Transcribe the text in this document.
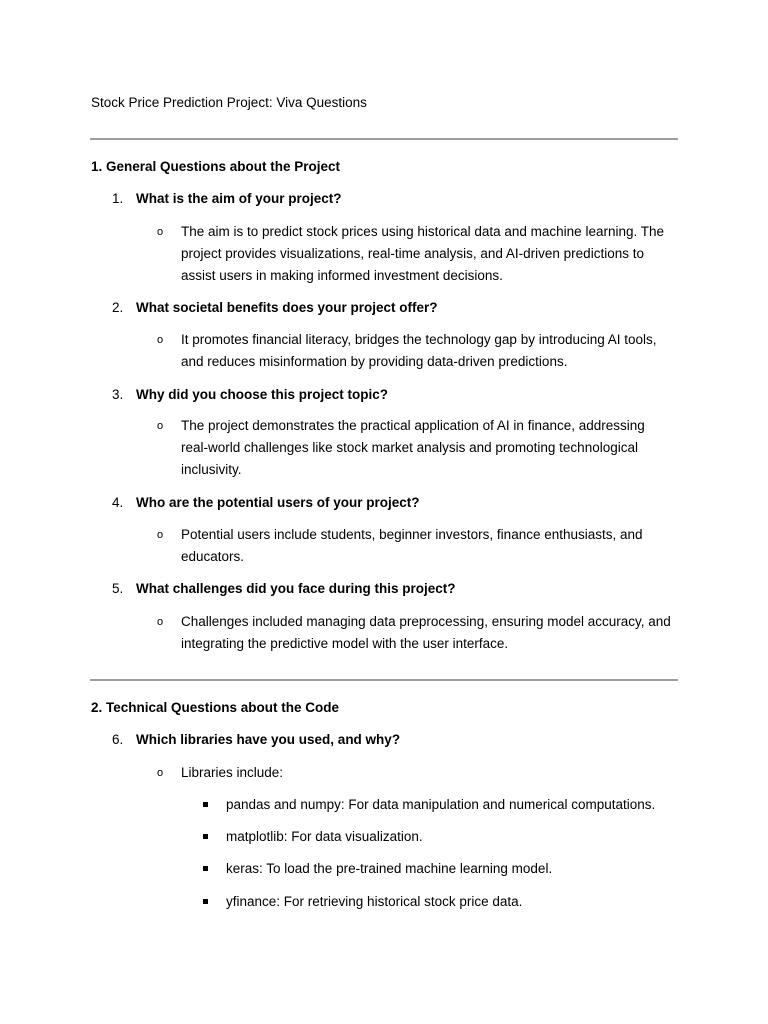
Stock Price Prediction Project: Viva Questions
1. General Questions about the Project
1. What is the aim of your project?
o The aim is to predict stock prices using historical data and machine learning. The
project provides visualizations, real-time analysis, and AI-driven predictions to
assist users in making informed investment decisions.
2. What societal benefits does your project offer?
o It promotes financial literacy, bridges the technology gap by introducing AI tools,
and reduces misinformation by providing data-driven predictions.
3. Why did you choose this project topic?
o The project demonstrates the practical application of AI in finance, addressing
real-world challenges like stock market analysis and promoting technological
inclusivity.
4. Who are the potential users of your project?
o Potential users include students, beginner investors, finance enthusiasts, and
educators.
5. What challenges did you face during this project?
o Challenges included managing data preprocessing, ensuring model accuracy, and
integrating the predictive model with the user interface.
2. Technical Questions about the Code
6. Which libraries have you used, and why?
o Libraries include:
pandas and numpy: For data manipulation and numerical computations.
matplotlib: For data visualization.
keras: To load the pre-trained machine learning model.
yfinance: For retrieving historical stock price data.
